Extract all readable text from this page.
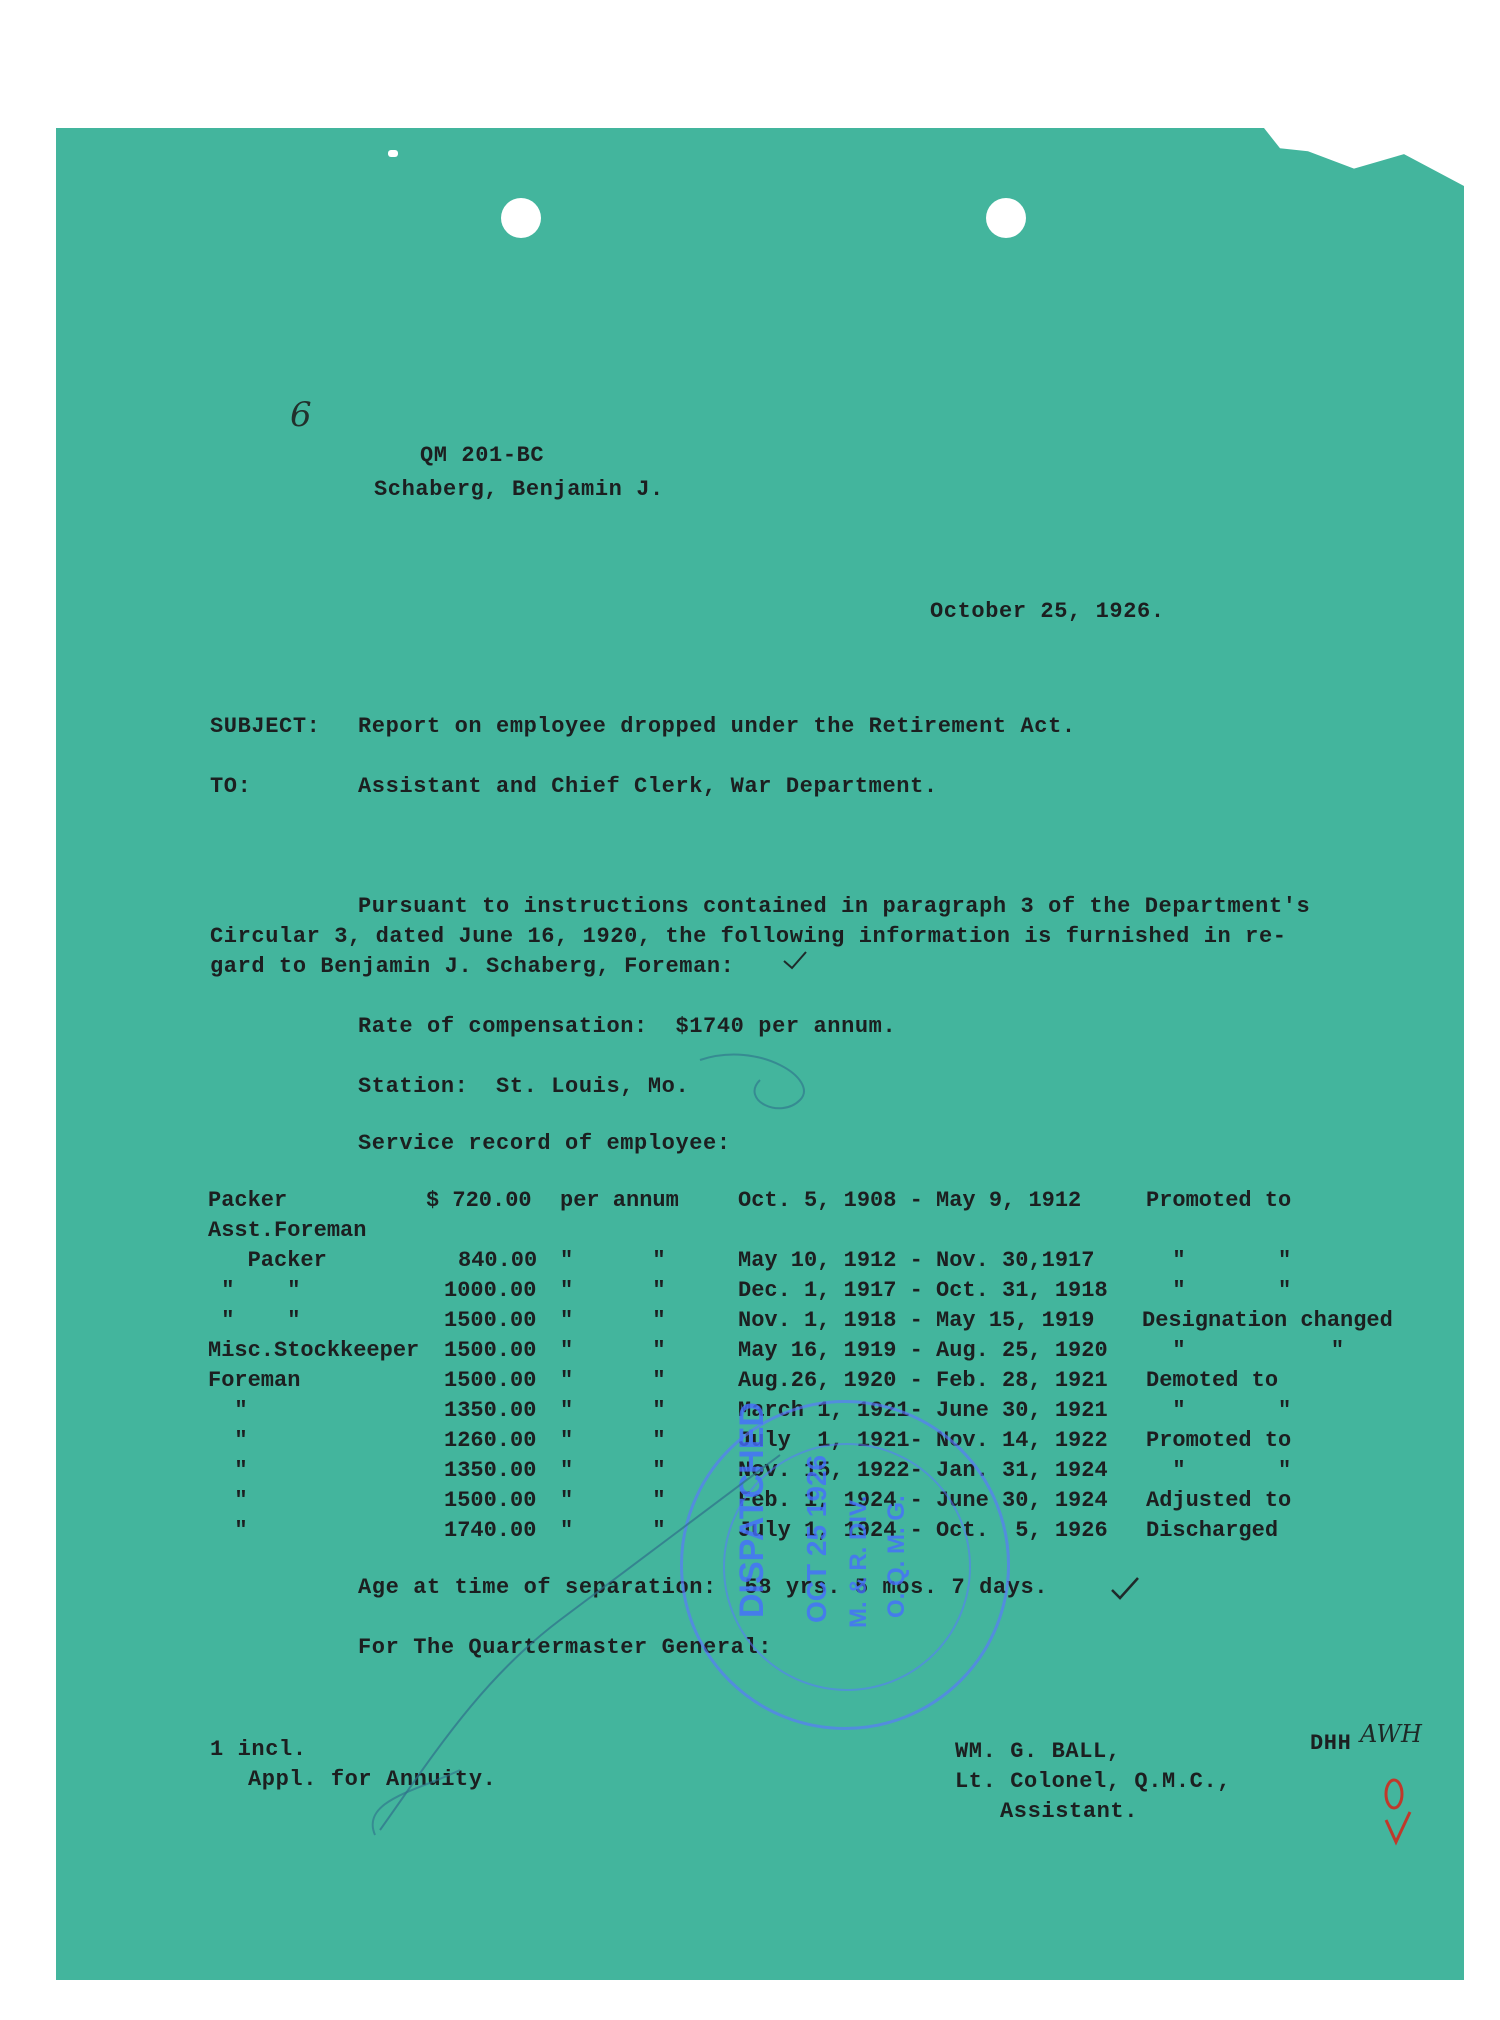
6
QM 201-BC
Schaberg, Benjamin J.
October 25, 1926.
SUBJECT: Report on employee dropped under the Retirement Act.
TO:	Assistant and Chief Clerk, War Department.
Pursuant to instructions contained in paragraph 3 of the Department's
Circular 3, dated June 16, 1920, the following information is furnished in re-
gard to Benjamin J. Schaberg, Foreman:
Rate of compensation:  $1740 per annum.
Station:  St. Louis, Mo.
Service record of employee:
Packer	$ 720.00 per annum	Oct. 5, 1908 - May 9, 1912	Promoted to
Asst.Foreman
Packer	840.00 "      "	May 10, 1912 - Nov. 30,1917 "       "
"    "	1000.00 "      "	Dec. 1, 1917 - Oct. 31, 1918 "       "
"    "	1500.00 "      "	Nov. 1, 1918 - May 15, 1919 Designation changed
Misc.Stockkeeper 1500.00 "      "	May 16, 1919 - Aug. 25, 1920 "           "
Foreman	1500.00 "      "	Aug.26, 1920 - Feb. 28, 1921 Demoted to
"	1350.00 "      "	March 1, 1921- June 30, 1921 "       "
"	1260.00 "      "	July  1, 1921- Nov. 14, 1922 Promoted to
"	1350.00 "      "	Nov. 15, 1922- Jan. 31, 1924 "       "
"	1500.00 "      "	Feb. 1, 1924 - June 30, 1924 Adjusted to
"	1740.00 "      "	July 1, 1924 - Oct.  5, 1926 Discharged
Age at time of separation:  58 yrs. 5 mos. 7 days.
For The Quartermaster General:
1 incl.
Appl. for Annuity.
WM. G. BALL,
Lt. Colonel, Q.M.C.,
Assistant.
DHH AWH
DISPATCHED OCT 25 1926 M. & R. DIV. O. Q. M. G.
